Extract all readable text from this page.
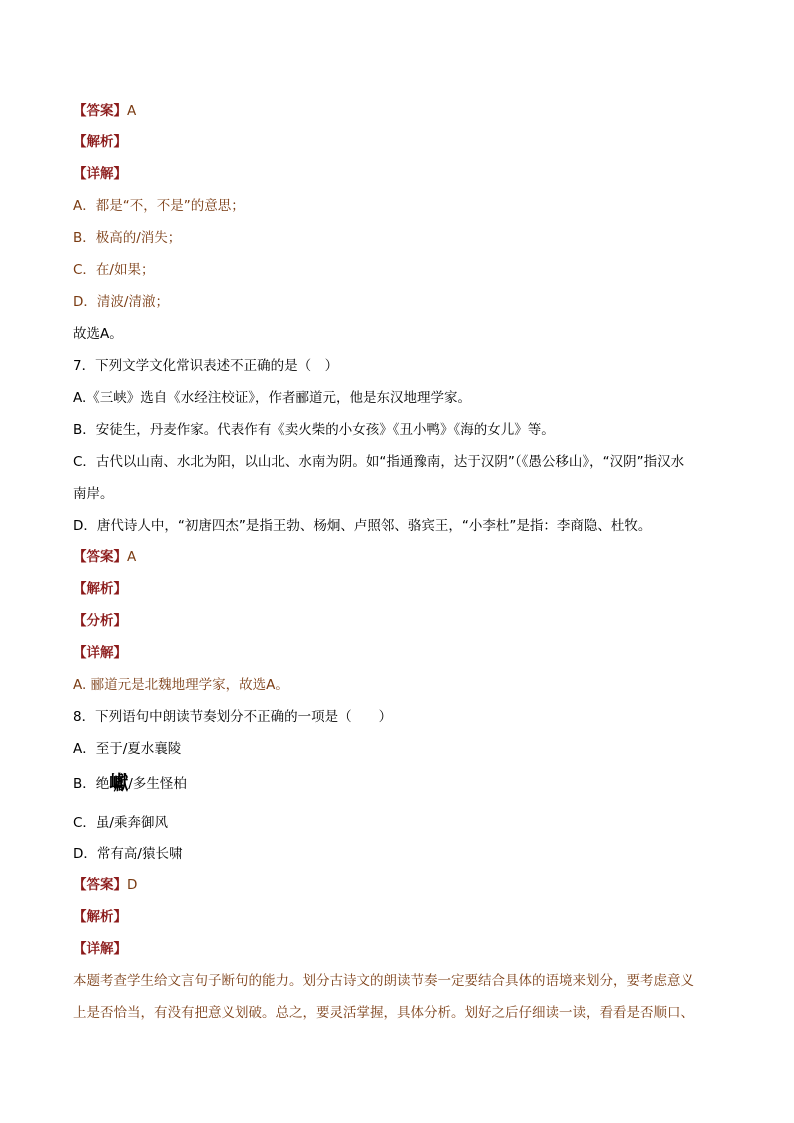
【答案】A
【解析】
【详解】
A．都是“不，不是”的意思；
B．极高的/消失；
C．在/如果；
D．清波/清澈；
故选A。
7．下列文学文化常识表述不正确的是（　）
A.《三峡》选自《水经注校证》，作者郦道元，他是东汉地理学家。
B．安徒生，丹麦作家。代表作有《卖火柴的小女孩》《丑小鸭》《海的女儿》等。
C．古代以山南、水北为阳，以山北、水南为阴。如“指通豫南，达于汉阴”（《愚公移山》，“汉阴”指汉水
南岸。
D．唐代诗人中，“初唐四杰”是指王勃、杨炯、卢照邻、骆宾王，“小李杜”是指：李商隐、杜牧。
【答案】A
【解析】
【分析】
【详解】
A. 郦道元是北魏地理学家，故选A。
8．下列语句中朗读节奏划分不正确的一项是（　　）
A．至于/夏水襄陵
B．绝巘/多生怪柏
C．虽/乘奔御风
D．常有高/猿长啸
【答案】D
【解析】
【详解】
本题考查学生给文言句子断句的能力。划分古诗文的朗读节奏一定要结合具体的语境来划分，要考虑意义
上是否恰当，有没有把意义划破。总之，要灵活掌握，具体分析。划好之后仔细读一读，看看是否顺口、
